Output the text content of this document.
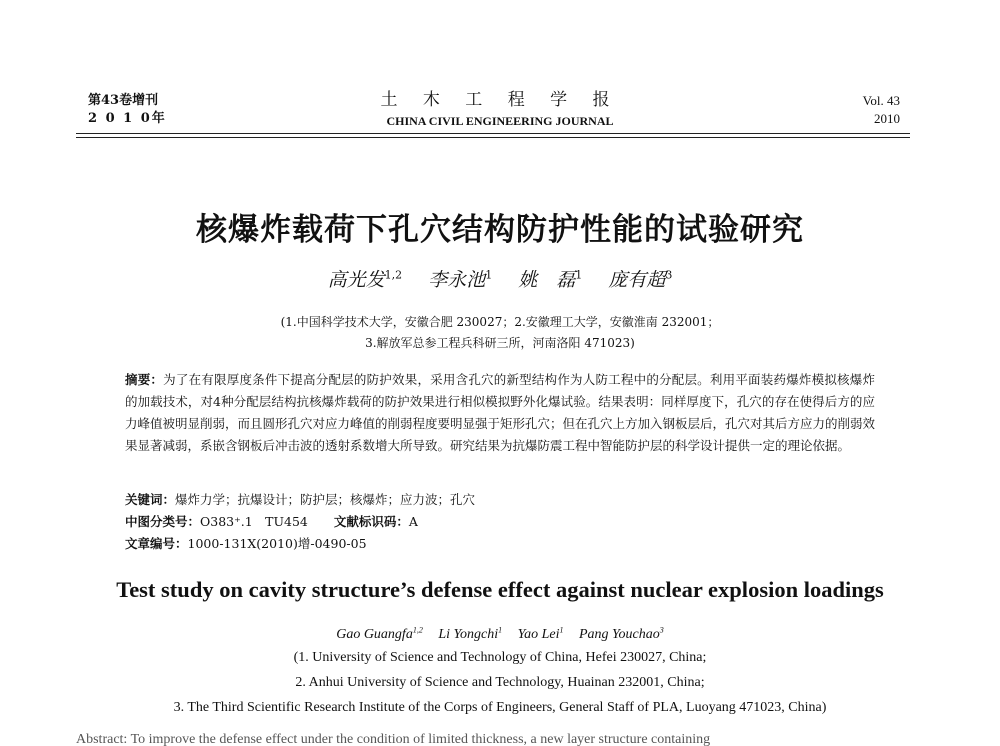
第43卷增刊
2 0 1 0年
土 木 工 程 学 报
CHINA CIVIL ENGINEERING JOURNAL
Vol. 43
2010
核爆炸载荷下孔穴结构防护性能的试验研究
高光发$^{1,2}$ 李永池$^1$ 姚　磊$^1$ 庞有超$^3$
(1.中国科学技术大学，安徽合肥 230027；2.安徽理工大学，安徽淮南 232001；
3.解放军总参工程兵科研三所，河南洛阳 471023)
摘要：为了在有限厚度条件下提高分配层的防护效果，采用含孔穴的新型结构作为人防工程中的分配层。利用平面装药爆炸模拟核爆炸的加载技术，对4种分配层结构抗核爆炸载荷的防护效果进行相似模拟野外化爆试验。结果表明：同样厚度下，孔穴的存在使得后方的应力峰值被明显削弱，而且圆形孔穴对应力峰值的削弱程度要明显强于矩形孔穴；但在孔穴上方加入钢板层后，孔穴对其后方应力的削弱效果显著减弱，系嵌含钢板后冲击波的透射系数增大所导致。研究结果为抗爆防震工程中智能防护层的科学设计提供一定的理论依据。
关键词：爆炸力学；抗爆设计；防护层；核爆炸；应力波；孔穴
中图分类号：O383⁺.1　TU454 文献标识码：A
文章编号：1000-131X(2010)增-0490-05
Test study on cavity structure’s defense effect against nuclear explosion loadings
Gao Guangfa$^{1,2}$ Li Yongchi$^1$ Yao Lei$^1$ Pang Youchao$^3$
(1. University of Science and Technology of China, Hefei 230027, China;
2. Anhui University of Science and Technology, Huainan 232001, China;
3. The Third Scientific Research Institute of the Corps of Engineers, General Staff of PLA, Luoyang 471023, China)
Abstract: To improve the defense effect under the condition of limited thickness, a new layer structure containing
